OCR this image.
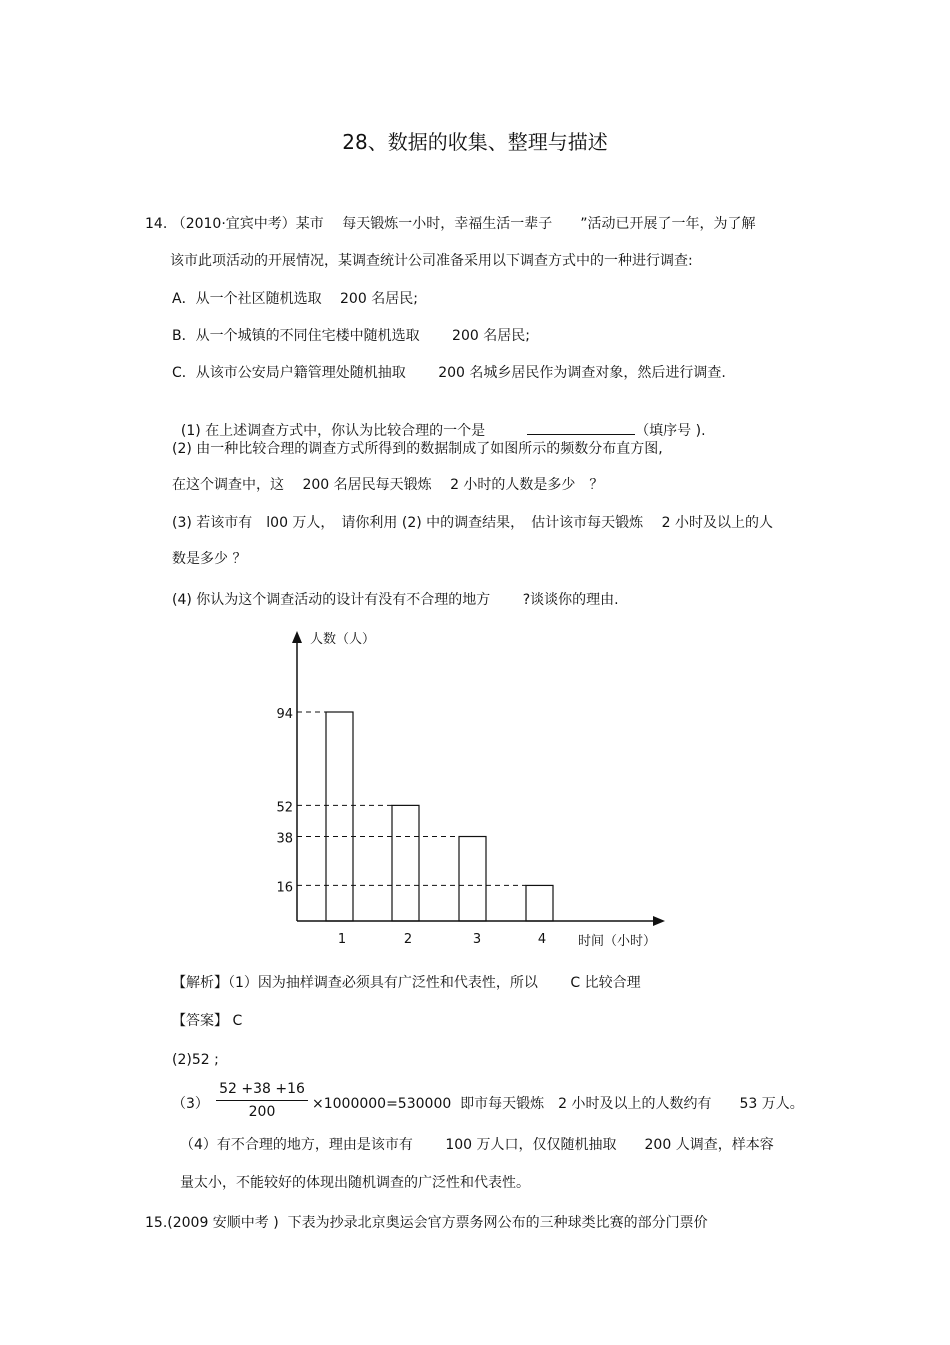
28、数据的收集、整理与描述
14. （2010·宜宾中考）某市　 每天锻炼一小时，幸福生活一辈子　　”活动已开展了一年，为了解
该市此项活动的开展情况，某调查统计公司准备采用以下调查方式中的一种进行调查:
A．从一个社区随机选取　 200 名居民;
B．从一个城镇的不同住宅楼中随机选取　　 200 名居民;
C．从该市公安局户籍管理处随机抽取　　 200 名城乡居民作为调查对象，然后进行调查.

(1) 在上述调查方式中，你认为比较合理的一个是　　　	（填序号 ).

(2) 由一种比较合理的调查方式所得到的数据制成了如图所示的频数分布直方图,
在这个调查中，这　 200 名居民每天锻炼　 2 小时的人数是多少　？
(3) 若该市有　l00 万人，　请你利用 (2) 中的调查结果，　估计该市每天锻炼　 2 小时及以上的人
数是多少 ？
(4) 你认为这个调查活动的设计有没有不合理的地方　　 ?谈谈你的理由.
人数（人）
时间（小时）
94
1
52
2
38
3
16
4
【解析】（1）因为抽样调查必须具有广泛性和代表性，所以　　 C 比较合理
【答案】 C
(2)52 ;
（3）
52 +38 +16
200	×1000000=530000  即市每天锻炼　2 小时及以上的人数约有　　53 万人。
（4）有不合理的地方，理由是该市有　　 100 万人口，仅仅随机抽取　　200 人调查，样本容
量太小，不能较好的体现出随机调查的广泛性和代表性。
15.(2009 安顺中考 )  下表为抄录北京奥运会官方票务网公布的三种球类比赛的部分门票价
